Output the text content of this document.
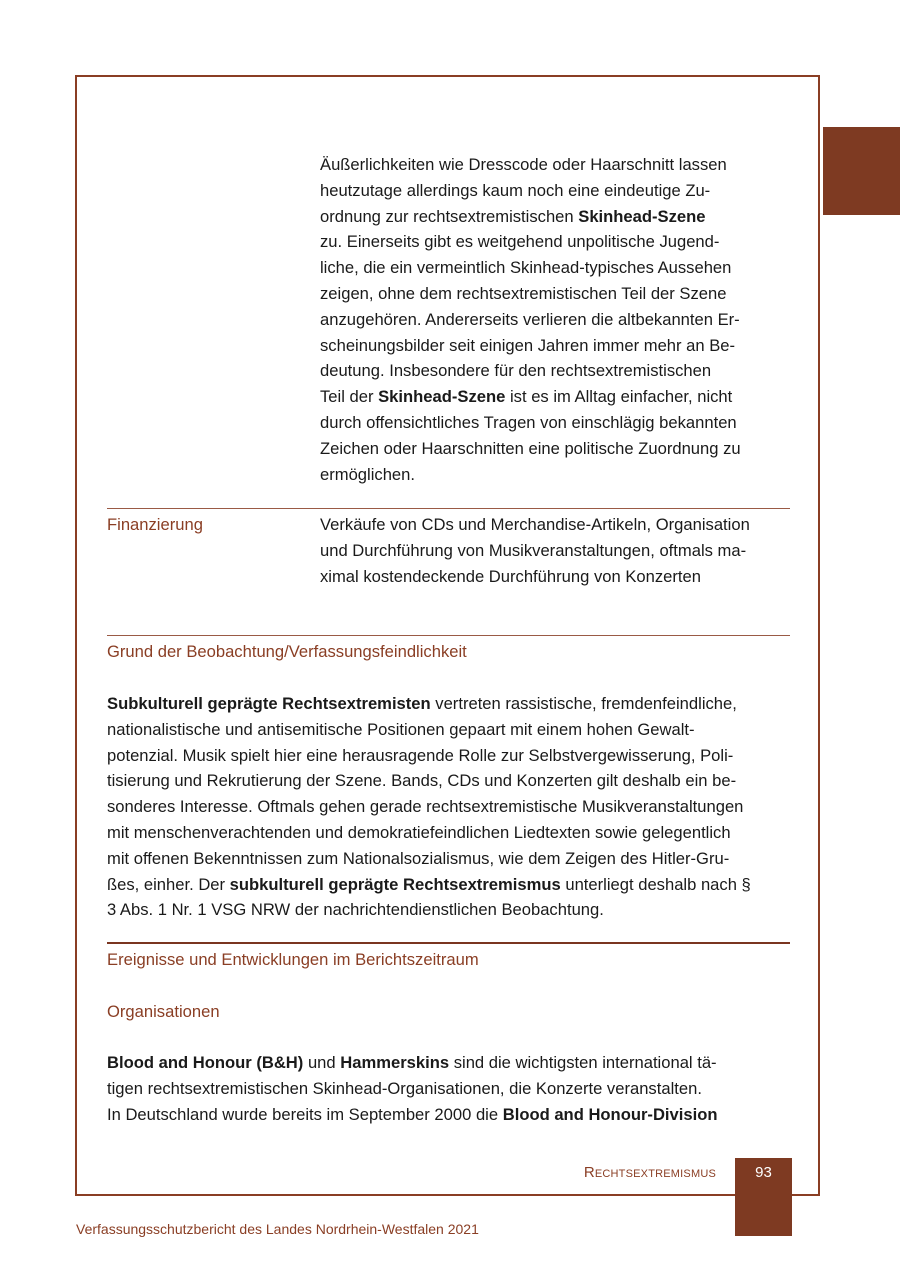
Äußerlichkeiten wie Dresscode oder Haarschnitt lassen
heutzutage allerdings kaum noch eine eindeutige Zu-
ordnung zur rechtsextremistischen Skinhead-Szene
zu. Einerseits gibt es weitgehend unpolitische Jugend-
liche, die ein vermeintlich Skinhead-typisches Aussehen
zeigen, ohne dem rechtsextremistischen Teil der Szene
anzugehören. Andererseits verlieren die altbekannten Er-
scheinungsbilder seit einigen Jahren immer mehr an Be-
deutung. Insbesondere für den rechtsextremistischen
Teil der Skinhead-Szene ist es im Alltag einfacher, nicht
durch offensichtliches Tragen von einschlägig bekannten
Zeichen oder Haarschnitten eine politische Zuordnung zu
ermöglichen.
Finanzierung	Verkäufe von CDs und Merchandise-Artikeln, Organisation
und Durchführung von Musikveranstaltungen, oftmals ma-
ximal kostendeckende Durchführung von Konzerten
Grund der Beobachtung/Verfassungsfeindlichkeit
Subkulturell geprägte Rechtsextremisten vertreten rassistische, fremdenfeindliche,
nationalistische und antisemitische Positionen gepaart mit einem hohen Gewalt-
potenzial. Musik spielt hier eine herausragende Rolle zur Selbstvergewisserung, Poli-
tisierung und Rekrutierung der Szene. Bands, CDs und Konzerten gilt deshalb ein be-
sonderes Interesse. Oftmals gehen gerade rechtsextremistische Musikveranstaltungen
mit menschenverachtenden und demokratiefeindlichen Liedtexten sowie gelegentlich
mit offenen Bekenntnissen zum Nationalsozialismus, wie dem Zeigen des Hitler-Gru-
ßes, einher. Der subkulturell geprägte Rechtsextremismus unterliegt deshalb nach §
3 Abs. 1 Nr. 1 VSG NRW der nachrichtendienstlichen Beobachtung.
Ereignisse und Entwicklungen im Berichtszeitraum
Organisationen
Blood and Honour (B&H) und Hammerskins sind die wichtigsten international tä-
tigen rechtsextremistischen Skinhead-Organisationen, die Konzerte veranstalten.
In Deutschland wurde bereits im September 2000 die Blood and Honour-Division
Rechtsextremismus	93
Verfassungsschutzbericht des Landes Nordrhein-Westfalen 2021
